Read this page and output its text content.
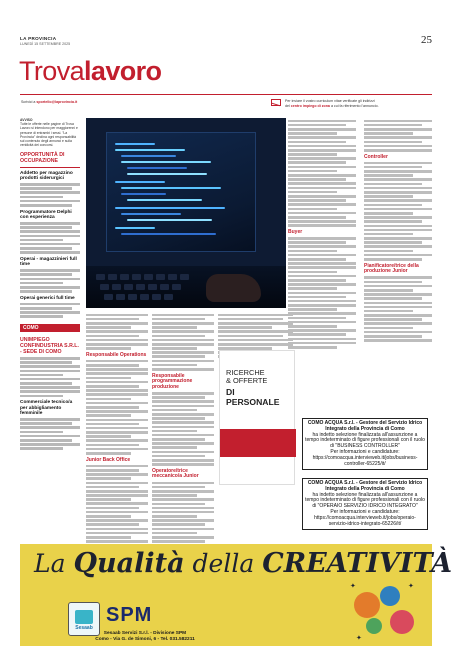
LA PROVINCIA
LUNEDÌ 15 SETTEMBRE 2025	25
Trovalavoro
Scrivici a sportello@laprovincia.it	Per inviare il vostro curriculum vitae verificate gli indirizzi
del centro impiego di zona a cui fa riferimento l'annuncio.
AVVISO
Tutte le offerte nelle pagine di Trova Lavoro si intendono per maggiorenni e persone di entrambi i sessi. "La Provincia" declina ogni responsabilità sul contenuto degli annunci e sulla veridicità dei concorsi.
OPPORTUNITÀ DI OCCUPAZIONE
Addetto per magazzino prodotti siderurgici
Programmatore Delphi con esperienza
Operai - magazzinieri full time
Operai generici full time
COMO
UNIMPIEGO CONFINDUSTRIA S.R.L. - SEDE DI COMO
Commerciale tecnico/a per abbigliamento femminile
Responsabile Operations
Junior Back Office
Responsabile programmazione produzione
Operatore/trice meccanico/a Junior
RICERCHE
& OFFERTE
DI
PERSONALE
Buyer
Controller
Pianificatore/trice della produzione Junior
COMO ACQUA S.r.l. - Gestore del Servizio Idrico Integrato della Provincia di Como
ha indetto selezione finalizzata all'assunzione a tempo indeterminato di figure professionali con il ruolo di "BUSINESS CONTROLLER"
Per informazioni e candidature: https://comoacqua.intervieweb.it/jobs/business-controller-65225/it/
COMO ACQUA S.r.l. - Gestore del Servizio Idrico Integrato della Provincia di Como
ha indetto selezione finalizzata all'assunzione a tempo indeterminato di figure professionali con il ruolo di "OPERAIO SERVIZIO IDRICO INTEGRATO"
Per informazioni e candidature: https://comoacqua.intervieweb.it/jobs/operaio-servizio-idrico-integrato-65226/it/
La Qualità della CREATIVITÀ
Sesaab
SPM
Sesaab Servizi S.r.l. - Divisione SPM
Como - Via G. de Simoni, 6 - Tel. 031.582211
✦	✦
✦
